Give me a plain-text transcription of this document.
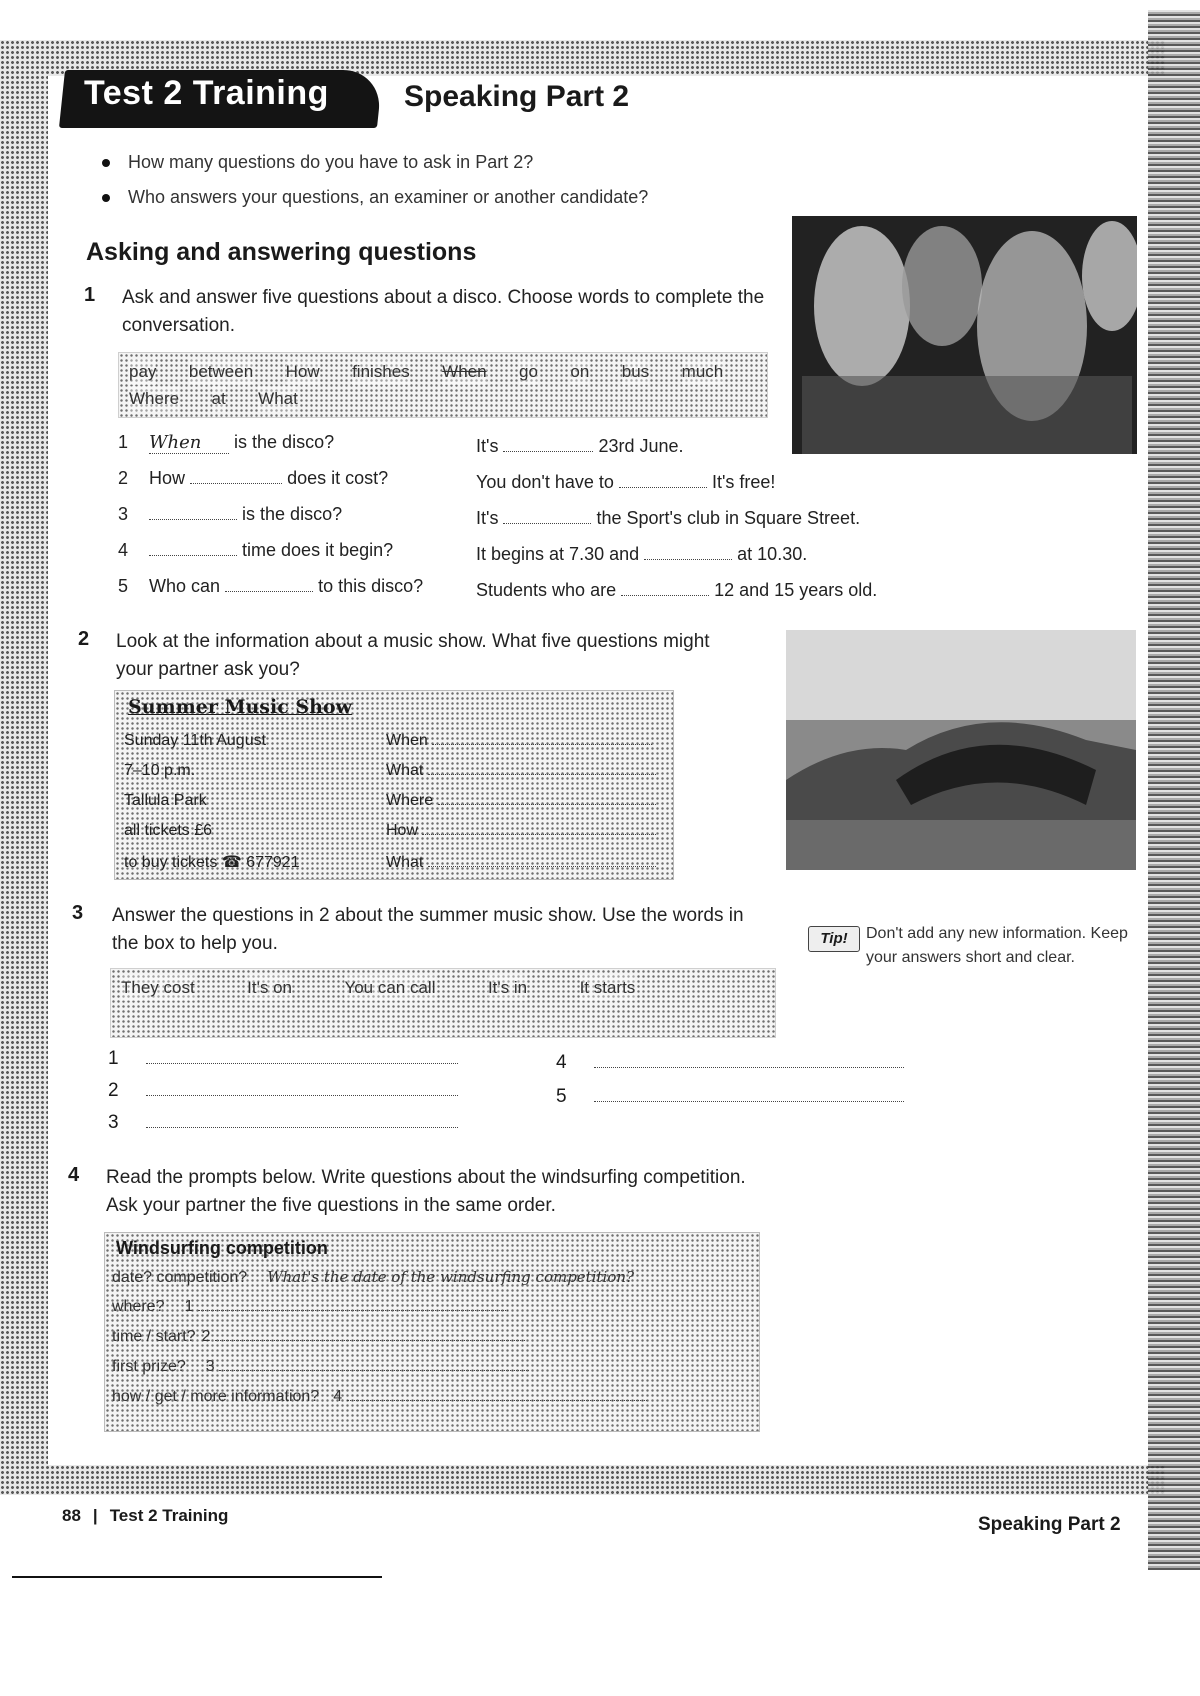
Test 2 Training	Speaking Part 2
How many questions do you have to ask in Part 2?
Who answers your questions, an examiner or another candidate?
Asking and answering questions
1 Ask and answer five questions about a disco. Choose words to complete the conversation.
pay between How finishes When go on bus much Where at What
1 When is the disco?	It's	23rd June.
2 How	does it cost?	You don't have to	It's free!
3	is the disco?	It's	the Sport's club in Square Street.
4	time does it begin?	It begins at 7.30 and	at 10.30.
5 Who can	to this disco?	Students who are	12 and 15 years old.
2 Look at the information about a music show. What five questions might your partner ask you?
Summer Music Show
Sunday 11th August	When
7–10 p.m.	What
Tallula Park	Where
all tickets £6	How
to buy tickets ☎ 677921	What
3 Answer the questions in 2 about the summer music show. Use the words in the box to help you.	Tip!	Don't add any new information. Keep your answers short and clear.
They cost	It's on	You can call	It's in	It starts
1
2
3
4
5
4 Read the prompts below. Write questions about the windsurfing competition. Ask your partner the five questions in the same order.
Windsurfing competition
date? competition? What's the date of the windsurfing competition?
where? 1
time / start? 2
first prize? 3
how / get / more information? 4
88 | Test 2 Training	Speaking Part 2
